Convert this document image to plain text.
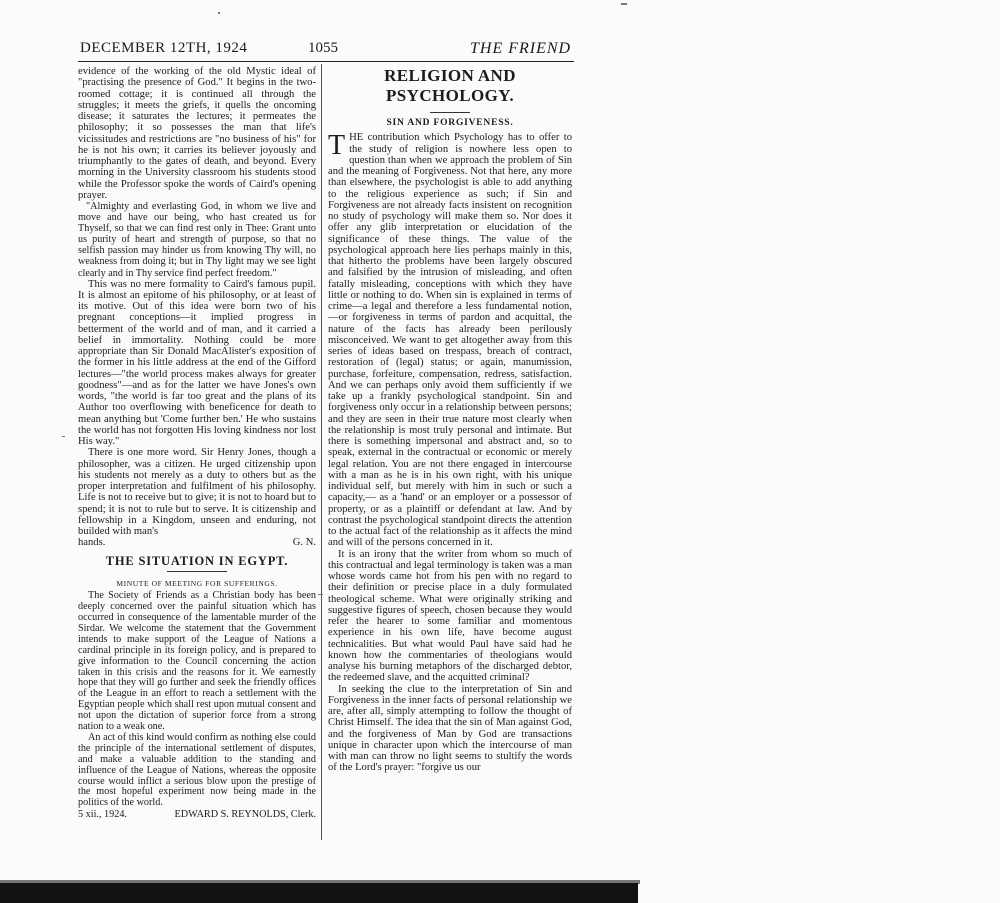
DECEMBER 12TH, 1924	1055	THE FRIEND

evidence of the working of the old Mystic ideal of "practising the presence of God." It begins in the two-roomed cottage; it is continued all through the struggles; it meets the griefs, it quells the oncoming disease; it saturates the lectures; it permeates the philosophy; it so possesses the man that life's vicissitudes and restrictions are "no business of his" for he is not his own; it carries its believer joyously and triumphantly to the gates of death, and beyond. Every morning in the University classroom his students stood while the Professor spoke the words of Caird's opening prayer.

"Almighty and everlasting God, in whom we live and move and have our being, who hast created us for Thyself, so that we can find rest only in Thee: Grant unto us purity of heart and strength of purpose, so that no selfish passion may hinder us from knowing Thy will, no weakness from doing it; but in Thy light may we see light clearly and in Thy service find perfect freedom."

This was no mere formality to Caird's famous pupil. It is almost an epitome of his philosophy, or at least of its motive. Out of this idea were born two of his pregnant conceptions—it implied progress in betterment of the world and of man, and it carried a belief in immortality. Nothing could be more appropriate than Sir Donald MacAlister's exposition of the former in his little address at the end of the Gifford lectures—"the world process makes always for greater goodness"—and as for the latter we have Jones's own words, "the world is far too great and the plans of its Author too overflowing with beneficence for death to mean anything but 'Come further ben.' He who sustains the world has not forgotten His loving kindness nor lost His way."

There is one more word. Sir Henry Jones, though a philosopher, was a citizen. He urged citizenship upon his students not merely as a duty to others but as the proper interpretation and fulfilment of his philosophy. Life is not to receive but to give; it is not to hoard but to spend; it is not to rule but to serve. It is citizenship and fellowship in a Kingdom, unseen and enduring, not builded with man's

hands.	G. N.

THE SITUATION IN EGYPT.

MINUTE OF MEETING FOR SUFFERINGS.

The Society of Friends as a Christian body has been deeply concerned over the painful situation which has occurred in consequence of the lamentable murder of the Sirdar. We welcome the statement that the Government intends to make support of the League of Nations a cardinal principle in its foreign policy, and is prepared to give information to the Council concerning the action taken in this crisis and the reasons for it. We earnestly hope that they will go further and seek the friendly offices of the League in an effort to reach a settlement with the Egyptian people which shall rest upon mutual consent and not upon the dictation of superior force from a strong nation to a weak one.

An act of this kind would confirm as nothing else could the principle of the international settlement of disputes, and make a valuable addition to the standing and influence of the League of Nations, whereas the opposite course would inflict a serious blow upon the prestige of the most hopeful experiment now being made in the politics of the world.

5 xii., 1924.	EDWARD S. REYNOLDS, Clerk.

RELIGION AND PSYCHOLOGY.

SIN AND FORGIVENESS.

THE contribution which Psychology has to offer to the study of religion is nowhere less open to question than when we approach the problem of Sin and the meaning of Forgiveness. Not that here, any more than elsewhere, the psychologist is able to add anything to the religious experience as such; if Sin and Forgiveness are not already facts insistent on recognition no study of psychology will make them so. Nor does it offer any glib interpretation or elucidation of the significance of these things. The value of the psychological approach here lies perhaps mainly in this, that hitherto the problems have been largely obscured and falsified by the intrusion of misleading, and often fatally misleading, conceptions with which they have little or nothing to do. When sin is explained in terms of crime—a legal and therefore a less fundamental notion,—or forgiveness in terms of pardon and acquittal, the nature of the facts has already been perilously misconceived. We want to get altogether away from this series of ideas based on trespass, breach of contract, restoration of (legal) status; or again, manumission, purchase, forfeiture, compensation, redress, satisfaction. And we can perhaps only avoid them sufficiently if we take up a frankly psychological standpoint. Sin and forgiveness only occur in a relationship between persons; and they are seen in their true nature most clearly when the relationship is most truly personal and intimate. But there is something impersonal and abstract and, so to speak, external in the contractual or economic or merely legal relation. You are not there engaged in intercourse with a man as he is in his own right, with his unique individual self, but merely with him in such or such a capacity,— as a 'hand' or an employer or a possessor of property, or as a plaintiff or defendant at law. And by contrast the psychological standpoint directs the attention to the actual fact of the relationship as it affects the mind and will of the persons concerned in it.

It is an irony that the writer from whom so much of this contractual and legal terminology is taken was a man whose words came hot from his pen with no regard to their definition or precise place in a duly formulated theological scheme. What were originally striking and suggestive figures of speech, chosen because they would refer the hearer to some familiar and momentous experience in his own life, have become august technicalities. But what would Paul have said had he known how the commentaries of theologians would analyse his burning metaphors of the discharged debtor, the redeemed slave, and the acquitted criminal?

In seeking the clue to the interpretation of Sin and Forgiveness in the inner facts of personal relationship we are, after all, simply attempting to follow the thought of Christ Himself. The idea that the sin of Man against God, and the forgiveness of Man by God are transactions unique in character upon which the intercourse of man with man can throw no light seems to stultify the words of the Lord's prayer: "forgive us our
